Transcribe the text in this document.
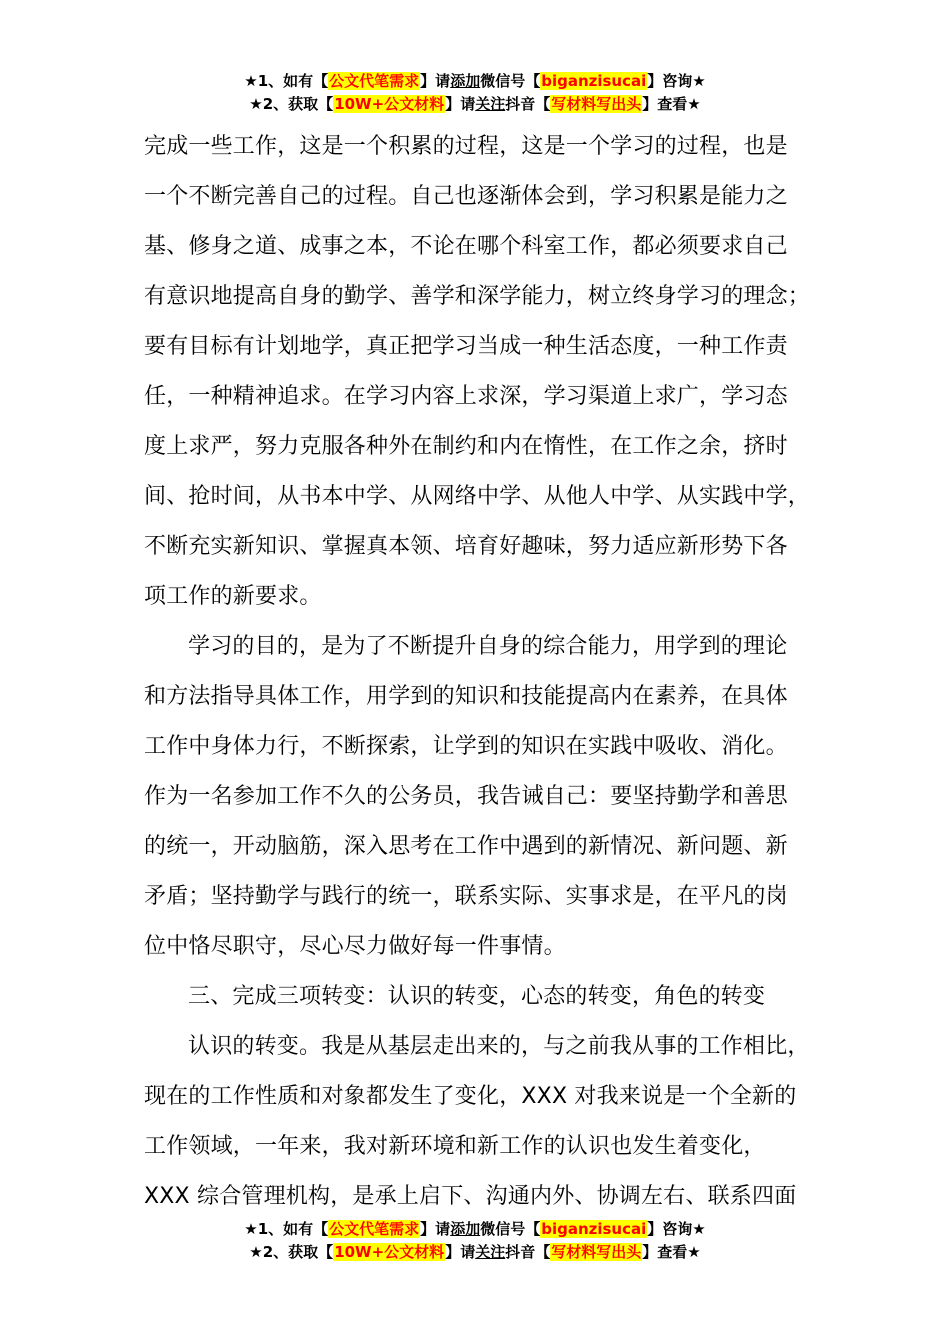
★1、如有【公文代笔需求】请添加微信号【biganzisucai】咨询★
★2、获取【10W+公文材料】请关注抖音【写材料写出头】查看★
完成一些工作，这是一个积累的过程，这是一个学习的过程，也是
一个不断完善自己的过程。自己也逐渐体会到，学习积累是能力之
基、修身之道、成事之本，不论在哪个科室工作，都必须要求自己
有意识地提高自身的勤学、善学和深学能力，树立终身学习的理念；
要有目标有计划地学，真正把学习当成一种生活态度，一种工作责
任，一种精神追求。在学习内容上求深，学习渠道上求广，学习态
度上求严，努力克服各种外在制约和内在惰性，在工作之余，挤时
间、抢时间，从书本中学、从网络中学、从他人中学、从实践中学，
不断充实新知识、掌握真本领、培育好趣味，努力适应新形势下各
项工作的新要求。
学习的目的，是为了不断提升自身的综合能力，用学到的理论
和方法指导具体工作，用学到的知识和技能提高内在素养，在具体
工作中身体力行，不断探索，让学到的知识在实践中吸收、消化。
作为一名参加工作不久的公务员，我告诫自己：要坚持勤学和善思
的统一，开动脑筋，深入思考在工作中遇到的新情况、新问题、新
矛盾；坚持勤学与践行的统一，联系实际、实事求是，在平凡的岗
位中恪尽职守，尽心尽力做好每一件事情。
三、完成三项转变：认识的转变，心态的转变，角色的转变
认识的转变。我是从基层走出来的，与之前我从事的工作相比，
现在的工作性质和对象都发生了变化，XXX 对我来说是一个全新的
工作领域，一年来，我对新环境和新工作的认识也发生着变化，
XXX 综合管理机构，是承上启下、沟通内外、协调左右、联系四面
★1、如有【公文代笔需求】请添加微信号【biganzisucai】咨询★
★2、获取【10W+公文材料】请关注抖音【写材料写出头】查看★
